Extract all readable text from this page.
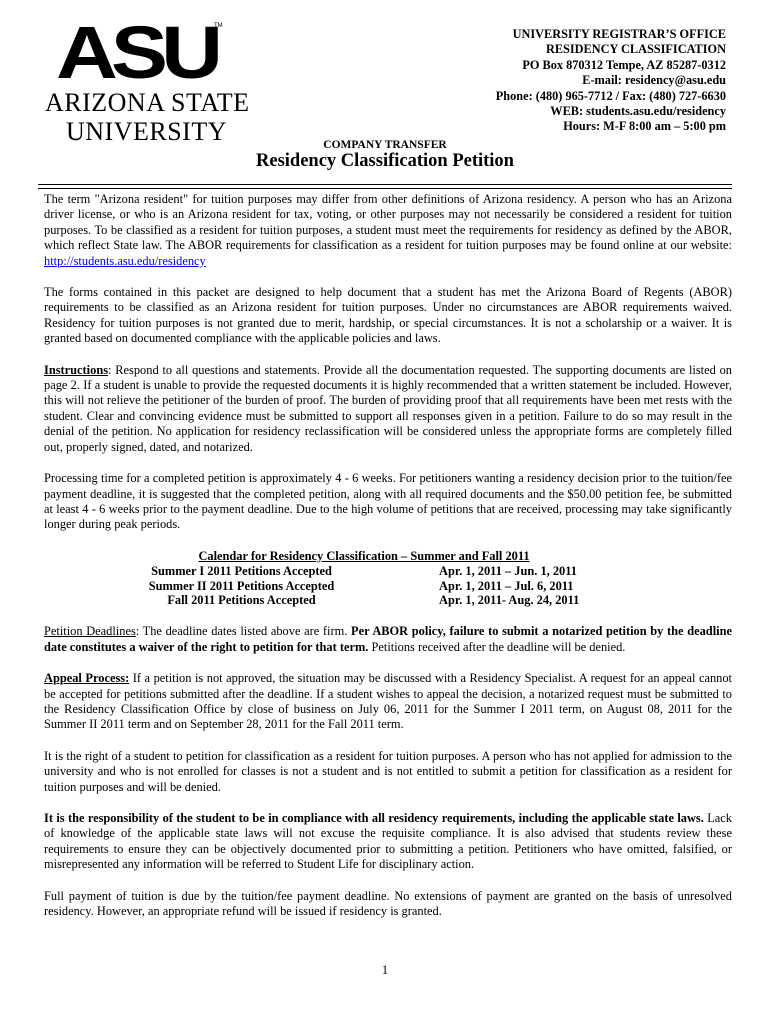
ASU
TM
ARIZONA STATE
UNIVERSITY
UNIVERSITY REGISTRAR’S OFFICE
RESIDENCY CLASSIFICATION
PO Box 870312 Tempe, AZ 85287-0312
E-mail: residency@asu.edu
Phone: (480) 965-7712 / Fax: (480) 727-6630
WEB: students.asu.edu/residency
Hours: M-F 8:00 am – 5:00 pm
COMPANY TRANSFER
Residency Classification Petition

The term "Arizona resident" for tuition purposes may differ from other definitions of Arizona residency. A person who has an Arizona driver license, or who is an Arizona resident for tax, voting, or other purposes may not necessarily be considered a resident for tuition purposes. To be classified as a resident for tuition purposes, a student must meet the requirements for residency as defined by the ABOR, which reflect State law. The ABOR requirements for classification as a resident for tuition purposes may be found online at our website: http://students.asu.edu/residency

The forms contained in this packet are designed to help document that a student has met the Arizona Board of Regents (ABOR) requirements to be classified as an Arizona resident for tuition purposes. Under no circumstances are ABOR requirements waived. Residency for tuition purposes is not granted due to merit, hardship, or special circumstances. It is not a scholarship or a waiver. It is granted based on documented compliance with the applicable policies and laws.

Instructions: Respond to all questions and statements. Provide all the documentation requested. The supporting documents are listed on page 2. If a student is unable to provide the requested documents it is highly recommended that a written statement be included. However, this will not relieve the petitioner of the burden of proof. The burden of providing proof that all requirements have been met rests with the student. Clear and convincing evidence must be submitted to support all responses given in a petition. Failure to do so may result in the denial of the petition. No application for residency reclassification will be considered unless the appropriate forms are completely filled out, properly signed, dated, and notarized.

Processing time for a completed petition is approximately 4 - 6 weeks. For petitioners wanting a residency decision prior to the tuition/fee payment deadline, it is suggested that the completed petition, along with all required documents and the $50.00 petition fee, be submitted at least 4 - 6 weeks prior to the payment deadline. Due to the high volume of petitions that are received, processing may take significantly longer during peak periods.

Calendar for Residency Classification – Summer and Fall 2011
Summer I 2011 Petitions Accepted	Apr. 1, 2011 – Jun. 1, 2011
Summer II 2011 Petitions Accepted	Apr. 1, 2011 – Jul. 6, 2011
Fall 2011 Petitions Accepted	Apr. 1, 2011- Aug. 24, 2011

Petition Deadlines: The deadline dates listed above are firm. Per ABOR policy, failure to submit a notarized petition by the deadline date constitutes a waiver of the right to petition for that term. Petitions received after the deadline will be denied.

Appeal Process: If a petition is not approved, the situation may be discussed with a Residency Specialist. A request for an appeal cannot be accepted for petitions submitted after the deadline. If a student wishes to appeal the decision, a notarized request must be submitted to the Residency Classification Office by close of business on July 06, 2011 for the Summer I 2011 term, on August 08, 2011 for the Summer II 2011 term and on September 28, 2011 for the Fall 2011 term.

It is the right of a student to petition for classification as a resident for tuition purposes. A person who has not applied for admission to the university and who is not enrolled for classes is not a student and is not entitled to submit a petition for classification as a resident for tuition purposes and will be denied.

It is the responsibility of the student to be in compliance with all residency requirements, including the applicable state laws. Lack of knowledge of the applicable state laws will not excuse the requisite compliance. It is also advised that students review these requirements to ensure they can be objectively documented prior to submitting a petition. Petitioners who have omitted, falsified, or misrepresented any information will be referred to Student Life for disciplinary action.

Full payment of tuition is due by the tuition/fee payment deadline. No extensions of payment are granted on the basis of unresolved residency. However, an appropriate refund will be issued if residency is granted.

1
